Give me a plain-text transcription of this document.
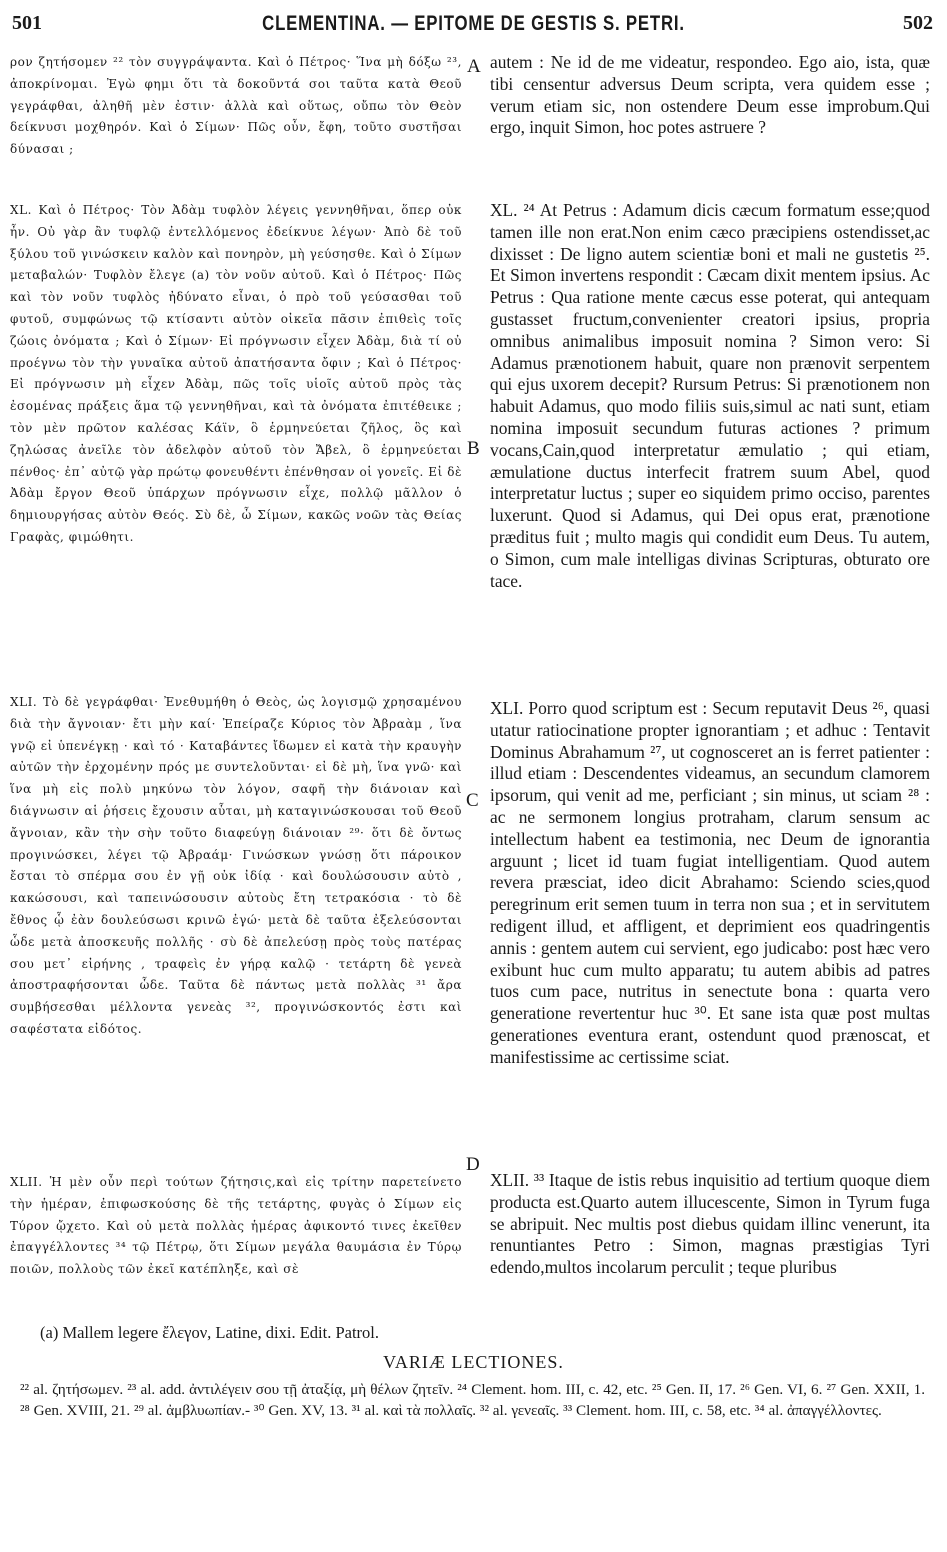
501	CLEMENTINA. — EPITOME DE GESTIS S. PETRI.	502

ρον ζητήσομεν ²² τὸν συγγράψαντα. Καὶ ὁ Πέτρος· Ἵνα μὴ δόξω ²³, ἀποκρίνομαι. Ἐγὼ φημι ὅτι τὰ δοκοῦντά σοι ταῦτα κατὰ Θεοῦ γεγράφθαι, ἀληθῆ μὲν ἐστιν· ἀλλὰ καὶ οὕτως, οὔπω τὸν Θεὸν δείκνυσι μοχθηρόν. Καὶ ὁ Σίμων· Πῶς οὖν, ἔφη, τοῦτο συστῆσαι δύνασαι ;

XL. Καὶ ὁ Πέτρος· Τὸν Ἀδὰμ τυφλὸν λέγεις γεννηθῆναι, ὅπερ οὐκ ἦν. Οὐ γὰρ ἂν τυφλῷ ἐντελλόμενος ἐδείκνυε λέγων· Ἀπὸ δὲ τοῦ ξύλου τοῦ γινώσκειν καλὸν καὶ πονηρὸν, μὴ γεύσησθε. Καὶ ὁ Σίμων μεταβαλών· Τυφλὸν ἔλεγε (a) τὸν νοῦν αὐτοῦ. Καὶ ὁ Πέτρος· Πῶς καὶ τὸν νοῦν τυφλὸς ἠδύνατο εἶναι, ὁ πρὸ τοῦ γεύσασθαι τοῦ φυτοῦ, συμφώνως τῷ κτίσαντι αὐτὸν οἰκεῖα πᾶσιν ἐπιθεὶς τοῖς ζώοις ὀνόματα ; Καὶ ὁ Σίμων· Εἰ πρόγνωσιν εἶχεν Ἀδὰμ, διὰ τί οὐ προέγνω τὸν τὴν γυναῖκα αὐτοῦ ἀπατήσαντα ὄφιν ; Καὶ ὁ Πέτρος· Εἰ πρόγνωσιν μὴ εἶχεν Ἀδὰμ, πῶς τοῖς υἱοῖς αὐτοῦ πρὸς τὰς ἐσομένας πράξεις ἅμα τῷ γεννηθῆναι, καὶ τὰ ὀνόματα ἐπιτέθεικε ; τὸν μὲν πρῶτον καλέσας Κάϊν, ὃ ἑρμηνεύεται ζῆλος, ὃς καὶ ζηλώσας ἀνεῖλε τὸν ἀδελφὸν αὐτοῦ τὸν Ἄβελ, ὃ ἑρμηνεύεται πένθος· ἐπ᾽ αὐτῷ γὰρ πρώτῳ φονευθέντι ἐπένθησαν οἱ γονεῖς. Εἰ δὲ Ἀδὰμ ἔργον Θεοῦ ὑπάρχων πρόγνωσιν εἶχε, πολλῷ μᾶλλον ὁ δημιουργήσας αὐτὸν Θεός. Σὺ δὲ, ὦ Σίμων, κακῶς νοῶν τὰς Θείας Γραφὰς, φιμώθητι.

XLI. Τὸ δὲ γεγράφθαι· Ἐνεθυμήθη ὁ Θεὸς, ὡς λογισμῷ χρησαμένου διὰ τὴν ἄγνοιαν· ἔτι μὴν καί· Ἐπείραζε Κύριος τὸν Ἀβραὰμ , ἵνα γνῷ εἰ ὑπενέγκῃ · καὶ τό · Καταβάντες ἴδωμεν εἰ κατὰ τὴν κραυγὴν αὐτῶν τὴν ἐρχομένην πρός με συντελοῦνται· εἰ δὲ μὴ, ἵνα γνῶ· καὶ ἵνα μὴ εἰς πολὺ μηκύνω τὸν λόγον, σαφῆ τὴν διάνοιαν καὶ διάγνωσιν αἱ ῥήσεις ἔχουσιν αὗται, μὴ καταγινώσκουσαι τοῦ Θεοῦ ἄγνοιαν, κἂν τὴν σὴν τοῦτο διαφεύγῃ διάνοιαν ²⁹· ὅτι δὲ ὄντως προγινώσκει, λέγει τῷ Ἀβραάμ· Γινώσκων γνώσῃ ὅτι πάροικον ἔσται τὸ σπέρμα σου ἐν γῇ οὐκ ἰδίᾳ · καὶ δουλώσουσιν αὐτὸ , κακώσουσι, καὶ ταπεινώσουσιν αὐτοὺς ἔτη τετρακόσια · τὸ δὲ ἔθνος ᾧ ἐὰν δουλεύσωσι κρινῶ ἐγώ· μετὰ δὲ ταῦτα ἐξελεύσονται ὧδε μετὰ ἀποσκευῆς πολλῆς · σὺ δὲ ἀπελεύσῃ πρὸς τοὺς πατέρας σου μετ᾽ εἰρήνης , τραφεὶς ἐν γήρᾳ καλῷ · τετάρτη δὲ γενεὰ ἀποστραφήσονται ὧδε. Ταῦτα δὲ πάντως μετὰ πολλὰς ³¹ ἄρα συμβήσεσθαι μέλλοντα γενεὰς ³², προγινώσκοντός ἐστι καὶ σαφέστατα εἰδότος.

XLII. Ἡ μὲν οὖν περὶ τούτων ζήτησις,καὶ εἰς τρίτην παρετείνετο τὴν ἡμέραν, ἐπιφωσκούσης δὲ τῆς τετάρτης, φυγὰς ὁ Σίμων εἰς Τύρον ᾤχετο. Καὶ οὐ μετὰ πολλὰς ἡμέρας ἀφικοντό τινες ἐκεῖθεν ἐπαγγέλλοντες ³⁴ τῷ Πέτρῳ, ὅτι Σίμων μεγάλα θαυμάσια ἐν Τύρῳ ποιῶν, πολλοὺς τῶν ἐκεῖ κατέπληξε, καὶ σὲ

A
B
C
D

autem : Ne id de me videatur, respondeo. Ego aio, ista, quæ tibi censentur adversus Deum scripta, vera quidem esse ; verum etiam sic, non ostendere Deum esse improbum.Qui ergo, inquit Simon, hoc potes astruere ?

XL. ²⁴ At Petrus : Adamum dicis cæcum formatum esse;quod tamen ille non erat.Non enim cæco præcipiens ostendisset,ac dixisset : De ligno autem scientiæ boni et mali ne gustetis ²⁵. Et Simon invertens respondit : Cæcam dixit mentem ipsius. Ac Petrus : Qua ratione mente cæcus esse poterat, qui antequam gustasset fructum,convenienter creatori ipsius, propria omnibus animalibus imposuit nomina ? Simon vero: Si Adamus prænotionem habuit, quare non prænovit serpentem qui ejus uxorem decepit? Rursum Petrus: Si prænotionem non habuit Adamus, quo modo filiis suis,simul ac nati sunt, etiam nomina imposuit secundum futuras actiones ? primum vocans,Cain,quod interpretatur æmulatio ; qui etiam, æmulatione ductus interfecit fratrem suum Abel, quod interpretatur luctus ; super eo siquidem primo occiso, parentes luxerunt. Quod si Adamus, qui Dei opus erat, prænotione præditus fuit ; multo magis qui condidit eum Deus. Tu autem, o Simon, cum male intelligas divinas Scripturas, obturato ore tace.

XLI. Porro quod scriptum est : Secum reputavit Deus ²⁶, quasi utatur ratiocinatione propter ignorantiam ; et adhuc : Tentavit Dominus Abrahamum ²⁷, ut cognosceret an is ferret patienter : illud etiam : Descendentes videamus, an secundum clamorem ipsorum, qui venit ad me, perficiant ; sin minus, ut sciam ²⁸ : ac ne sermonem longius protraham, clarum sensum ac intellectum habent ea testimonia, nec Deum de ignorantia arguunt ; licet id tuam fugiat intelligentiam. Quod autem revera præsciat, ideo dicit Abrahamo: Sciendo scies,quod peregrinum erit semen tuum in terra non sua ; et in servitutem redigent illud, et affligent, et deprimient eos quadringentis annis : gentem autem cui servient, ego judicabo: post hæc vero exibunt huc cum multo apparatu; tu autem abibis ad patres tuos cum pace, nutritus in senectute bona : quarta vero generatione revertentur huc ³⁰. Et sane ista quæ post multas generationes eventura erant, ostendunt quod prænoscat, et manifestissime ac certissime sciat.

XLII. ³³ Itaque de istis rebus inquisitio ad tertium quoque diem producta est.Quarto autem illucescente, Simon in Tyrum fuga se abripuit. Nec multis post diebus quidam illinc venerunt, ita renuntiantes Petro : Simon, magnas præstigias Tyri edendo,multos incolarum perculit ; teque pluribus

(a) Mallem legere ἔλεγον, Latine, dixi. Edit. Patrol.
VARIÆ LECTIONES.
²² al. ζητήσωμεν. ²³ al. add. ἀντιλέγειν σου τῇ ἀταξίᾳ, μὴ θέλων ζητεῖν. ²⁴ Clement. hom. III, c. 42, etc. ²⁵ Gen. II, 17. ²⁶ Gen. VI, 6. ²⁷ Gen. XXII, 1. ²⁸ Gen. XVIII, 21. ²⁹ al. ἀμβλυωπίαν.- ³⁰ Gen. XV, 13. ³¹ al. καὶ τὰ πολλαῖς. ³² al. γενεαῖς. ³³ Clement. hom. III, c. 58, etc. ³⁴ al. ἀπαγγέλλοντες.
